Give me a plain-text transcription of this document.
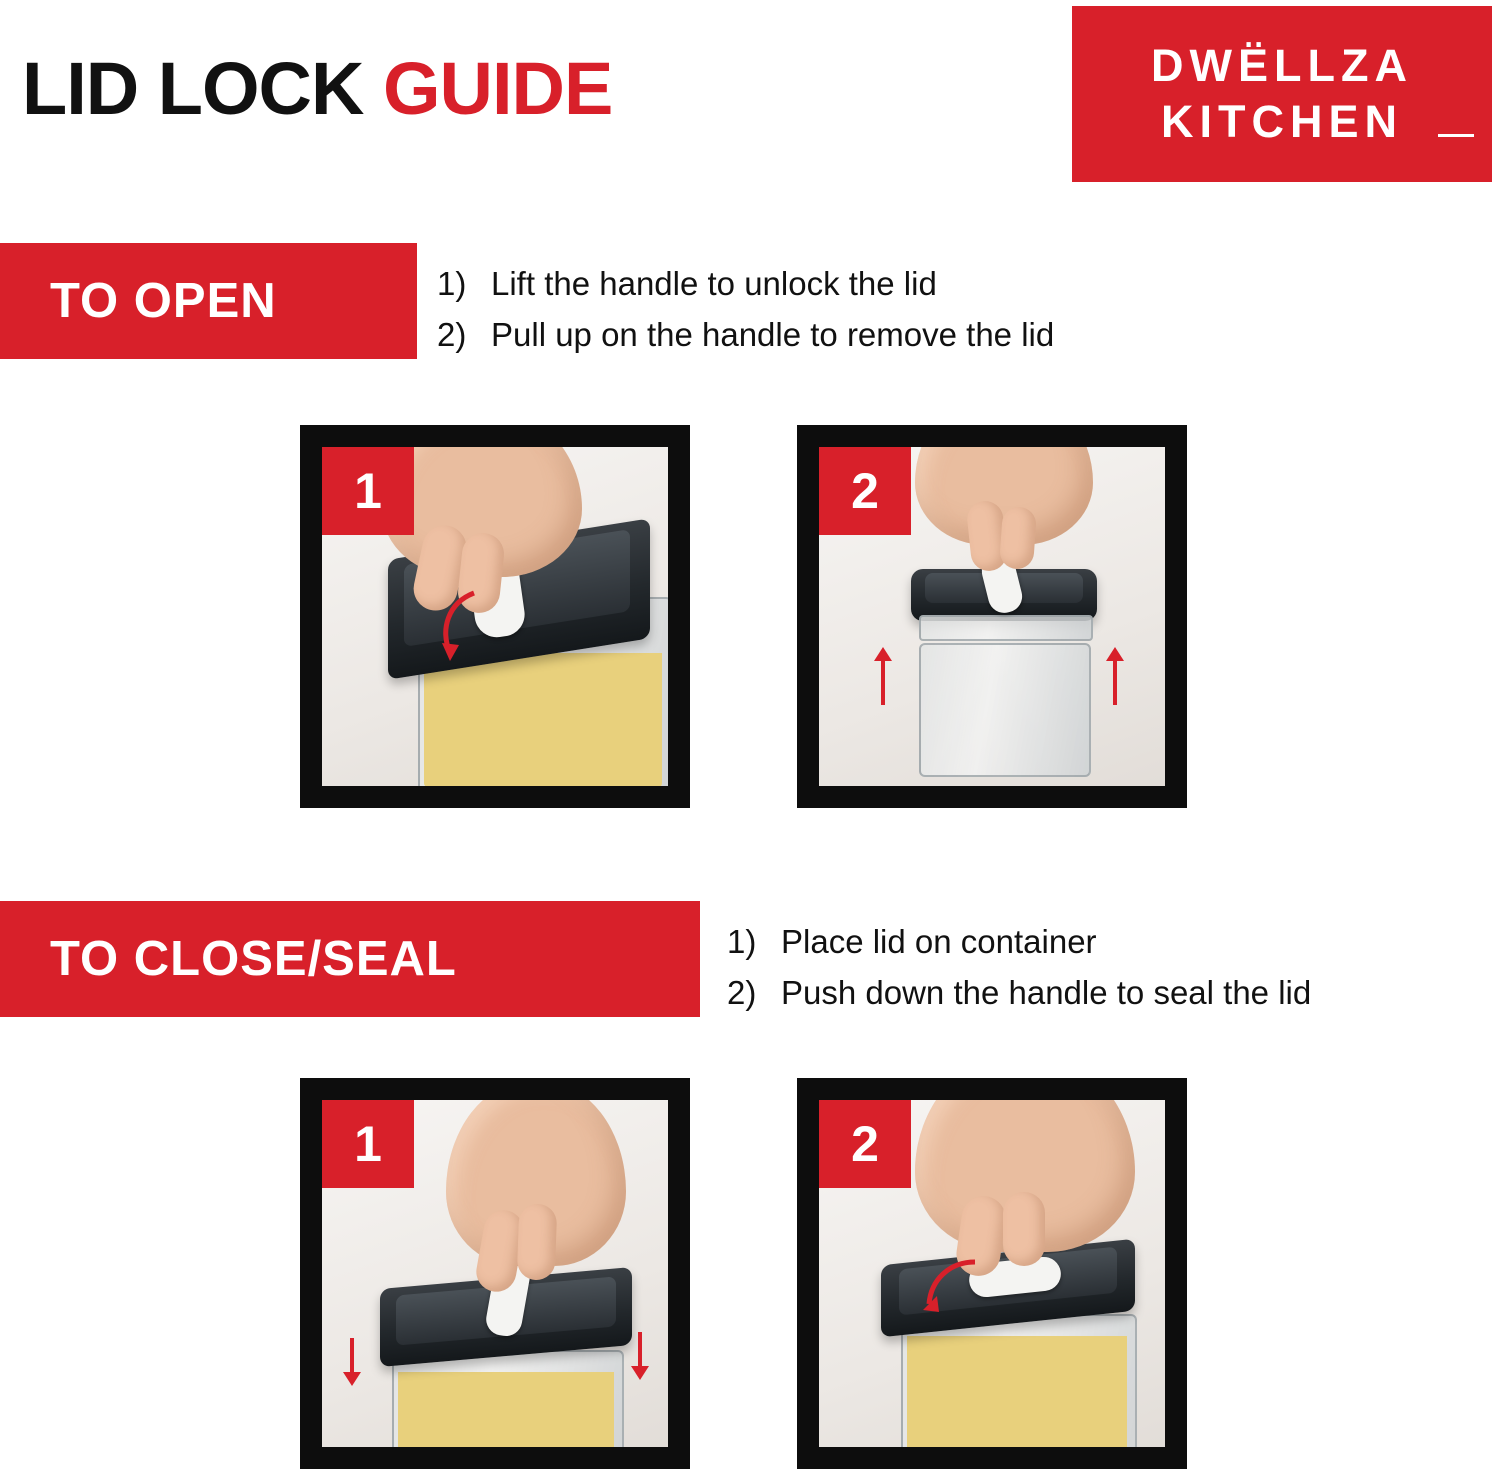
LID LOCK GUIDE	DWËLLZA
KITCHEN
TO OPEN	1) Lift the handle to unlock the lid
2) Pull up on the handle to remove the lid
1	2
TO CLOSE/SEAL	1) Place lid on container
2) Push down the handle to seal the lid
1	2
